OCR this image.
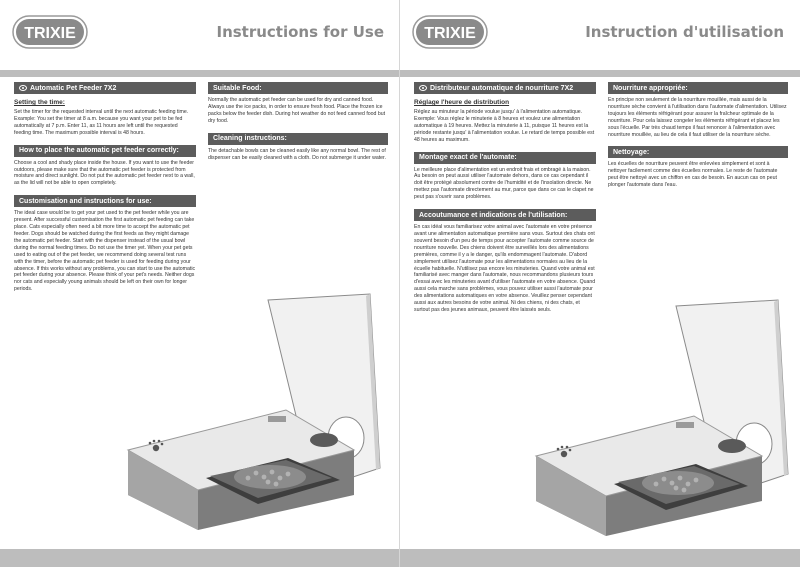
TRIXIE	Instructions for Use
Automatic Pet Feeder 7X2
Setting the time:
Set the timer for the requested interval until the next automatic feeding time. Example: You set the timer at 8 a.m. because you want your pet to be fed automatically at 7 p.m. Enter 11, as 11 hours are left until the requested feeding time. The maximum possible interval is 48 hours.
How to place the automatic pet feeder correctly:
Choose a cool and shady place inside the house. If you want to use the feeder outdoors, please make sure that the automatic pet feeder is protected from moisture and direct sunlight. Do not put the automatic pet feeder next to a wall, as the lid will not be able to open completely.
Customisation and instructions for use:
The ideal case would be to get your pet used to the pet feeder while you are present. After successful customisation the first automatic pet feeding can take place. Cats especially often need a bit more time to accept the automatic pet feeder. Dogs should be watched during the first feeds as they might damage the automatic pet feeder. Start with the dispenser instead of the usual bowl during the normal feeding times. Do not use the timer yet. When your pet gets used to eating out of the pet feeder, we recommend doing several test runs with the timer, before the automatic pet feeder is used for feeding during your absence. If this works without any problems, you can start to use the automatic pet feeder during your absence. Please think of your pet's needs. Neither dogs nor cats and especially young animals should be left on their own for longer periods.
Suitable Food:
Normally the automatic pet feeder can be used for dry and canned food. Always use the ice packs, in order to ensure fresh food. Place the frozen ice packs below the feeder dish. During hot weather do not feed canned food but dry food.
Cleaning instructions:
The detachable bowls can be cleaned easily like any normal bowl. The rest of dispenser can be easily cleaned with a cloth. Do not submerge it under water.
TRIXIE	Instruction d'utilisation
Distributeur automatique de nourriture 7X2
Réglage l'heure de distribution
Réglez au minuteur la période voulue jusqu' à l'alimentation automatique. Exemple: Vous réglez le minuterie à 8 heures et voulez une alimentation automatique à 19 heures. Mettez la minuterie à 11, puisque 11 heures est la période restante jusqu' à l'alimentation voulue. Le retard de temps possible est 48 heures au maximum.
Montage exact de l'automate:
Le meilleure place d'alimentation est un endroit frais et ombragé à la maison. Au besoin on peut aussi utiliser l'automate dehors, dans ce cas cependant il doit être protégé absolument contre de l'humidité et de l'insolation directe. Ne mettez pas l'automate directement au mur, parce que dans ce cas le clapet ne peut pas s'ouvrir sans problèmes.
Accoutumance et indications de l'utilisation:
En cas idéal vous familiarisez votre animal avec l'automate en votre présence avant une alimentation automatique première sans vous. Surtout des chats ont souvent besoin d'un peu de temps pour accepter l'automate comme source de nourriture nouvelle. Des chiens doivent être surveillés lors des alimentations premières, comme il y a le danger, qu'ils endommagent l'automate. D'abord simplement utilisez l'automate pour les alimentations normales au lieu de la écuelle habituelle. N'utilisez pas encore les minuteries. Quand votre animal est familiarisé avec manger dans l'automate, nous recommandons plusieurs tours d'essai avec les minuteries avant d'utiliser l'automate en votre absence. Quand aussi cela marche sans problèmes, vous pouvez utiliser aussi l'automate pour des alimentations automatiques en votre absence. Veuillez penser cependant aussi aux autres besoins de votre animal. Ni des chiens, ni des chats, et surtout pas des jeunes animaux, peuvent être laissés seuls.
Nourriture appropriée:
En principe non seulement de la nourriture mouillée, mais aussi de la nourriture sèche convient à l'utilisation dans l'automate d'alimentation. Utilisez toujours les éléments réfrigérant pour assurer la fraîcheur optimale de la nourriture. Pour cela laissez congeler les éléments réfrigérant et placez les sous l'écuelle. Par très chaud temps il faut renoncer à l'alimentation avec nourriture mouillée, au lieu de cela il faut utiliser de la nourriture sèche.
Nettoyage:
Les écuelles de nourriture peuvent être enlevées simplement et sont à nettoyer facilement comme des écuelles normales. Le reste de l'automate peut être nettoyé avec un chiffon en cas de besoin. En aucun cas on peut plonger l'automate dans l'eau.
